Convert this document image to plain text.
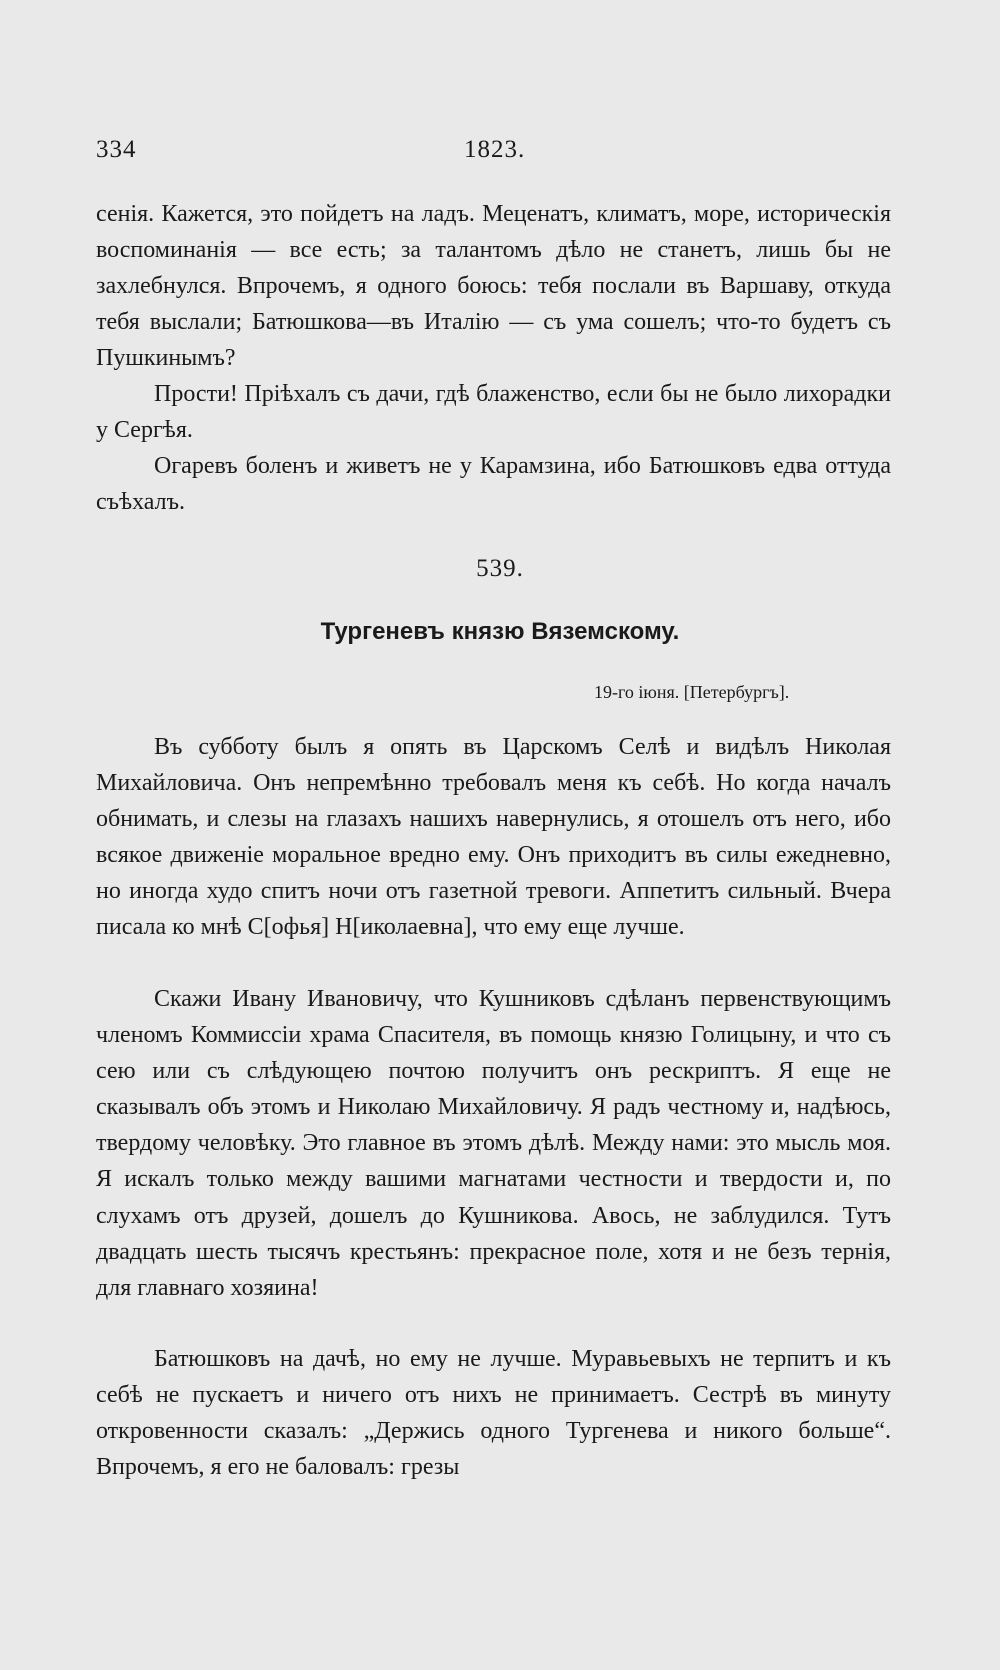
334	1823.

сенія. Кажется, это пойдетъ на ладъ. Меценатъ, климатъ, море, историческія воспоминанія — все есть; за талантомъ дѣло не станетъ, лишь бы не захлебнулся. Впрочемъ, я одного боюсь: тебя послали въ Варшаву, откуда тебя выслали; Батюшкова—въ Италію — съ ума сошелъ; что-то будетъ съ Пушкинымъ?

Прости! Пріѣхалъ съ дачи, гдѣ блаженство, если бы не было лихорадки у Сергѣя.

Огаревъ боленъ и живетъ не у Карамзина, ибо Батюшковъ едва оттуда съѣхалъ.

539.
Тургеневъ князю Вяземскому.
19-го іюня. [Петербургъ].

Въ субботу былъ я опять въ Царскомъ Селѣ и видѣлъ Николая Михайловича. Онъ непремѣнно требовалъ меня къ себѣ. Но когда началъ обнимать, и слезы на глазахъ нашихъ навернулись, я отошелъ отъ него, ибо всякое движеніе моральное вредно ему. Онъ приходитъ въ силы ежедневно, но иногда худо спитъ ночи отъ газетной тревоги. Аппетитъ сильный. Вчера писала ко мнѣ С[офья] Н[иколаевна], что ему еще лучше.

Скажи Ивану Ивановичу, что Кушниковъ сдѣланъ первенствующимъ членомъ Коммиссіи храма Спасителя, въ помощь князю Голицыну, и что съ сею или съ слѣдующею почтою получитъ онъ рескриптъ. Я еще не сказывалъ объ этомъ и Николаю Михайловичу. Я радъ честному и, надѣюсь, твердому человѣку. Это главное въ этомъ дѣлѣ. Между нами: это мысль моя. Я искалъ только между вашими магнатами честности и твердости и, по слухамъ отъ друзей, дошелъ до Кушникова. Авось, не заблудился. Тутъ двадцать шесть тысячъ крестьянъ: прекрасное поле, хотя и не безъ тернія, для главнаго хозяина!

Батюшковъ на дачѣ, но ему не лучше. Муравьевыхъ не терпитъ и къ себѣ не пускаетъ и ничего отъ нихъ не принимаетъ. Сестрѣ въ минуту откровенности сказалъ: „Держись одного Тургенева и никого больше“. Впрочемъ, я его не баловалъ: грезы
